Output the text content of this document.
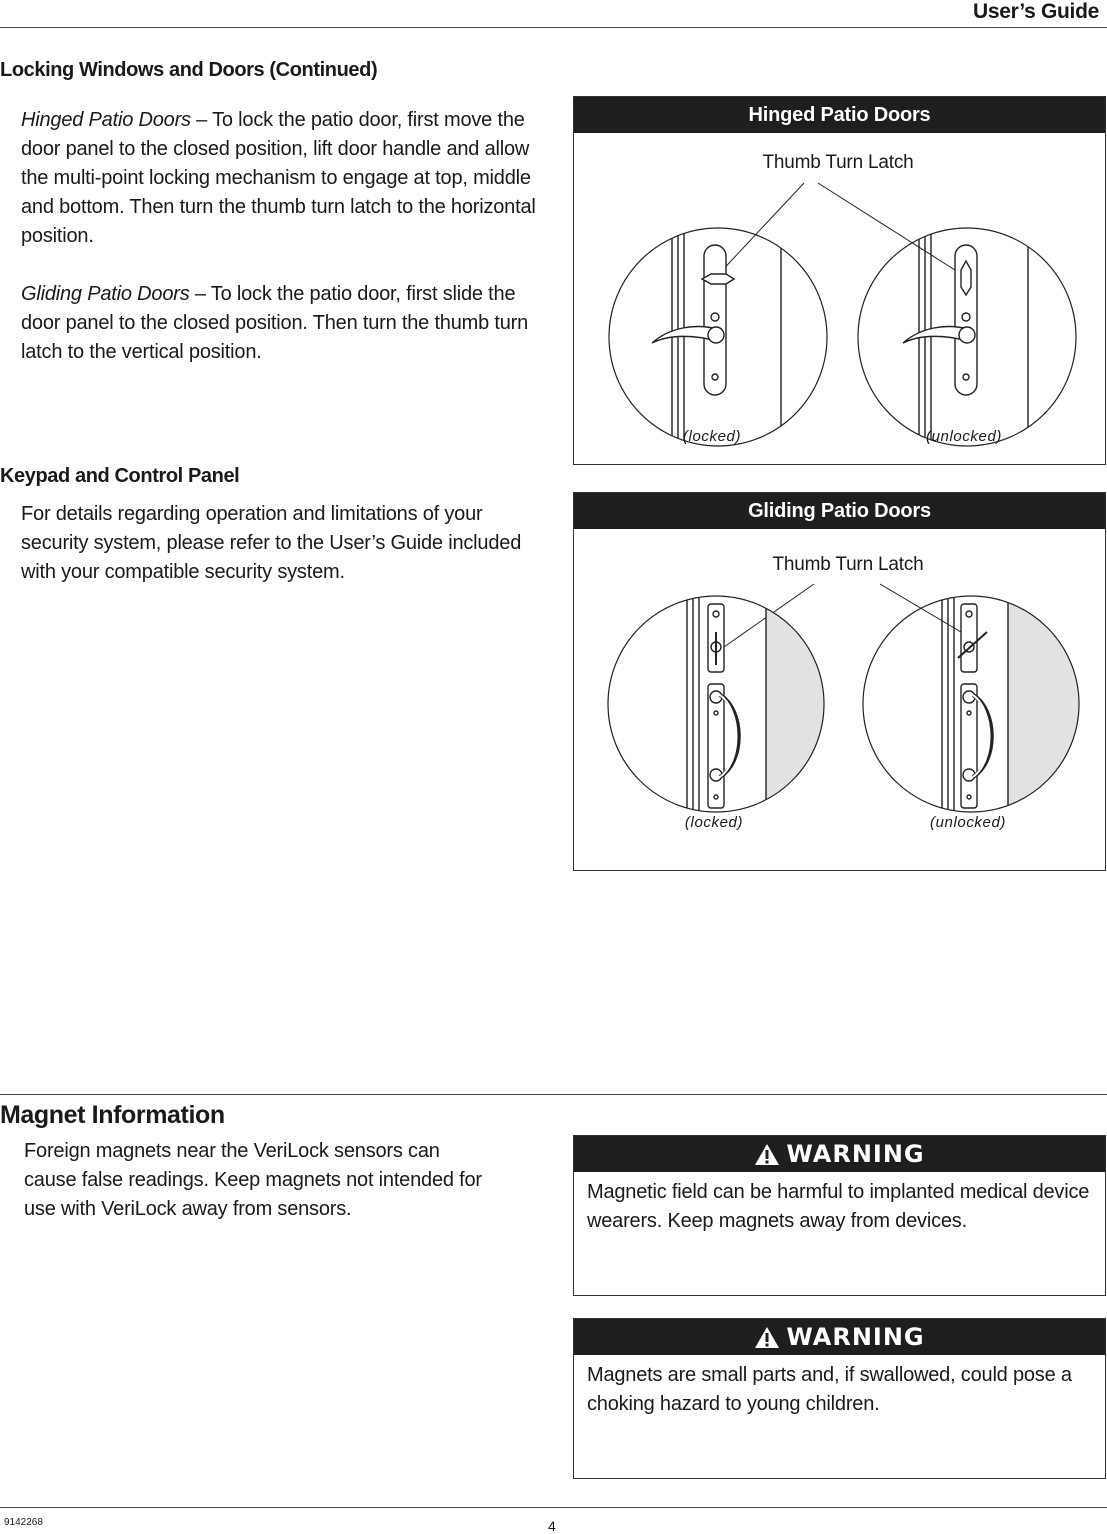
User’s Guide
Locking Windows and Doors (Continued)

Hinged Patio Doors – To lock the patio door, first move the door panel to the closed position, lift door handle and allow the multi-point locking mechanism to engage at top, middle and bottom. Then turn the thumb turn latch to the horizontal position.

Gliding Patio Doors – To lock the patio door, first slide the door panel to the closed position. Then turn the thumb turn latch to the vertical position.

Keypad and Control Panel
For details regarding operation and limitations of your security system, please refer to the User’s Guide included with your compatible security system.
Hinged Patio Doors
Thumb Turn Latch
(locked)	(unlocked)
Gliding Patio Doors
Thumb Turn Latch
(locked)	(unlocked)
Magnet Information
Foreign magnets near the VeriLock sensors can cause false readings. Keep magnets not intended for use with VeriLock away from sensors.
WARNING
Magnetic field can be harmful to implanted medical device wearers. Keep magnets away from devices.
WARNING
Magnets are small parts and, if swallowed, could pose a choking hazard to young children.
9142268	4
